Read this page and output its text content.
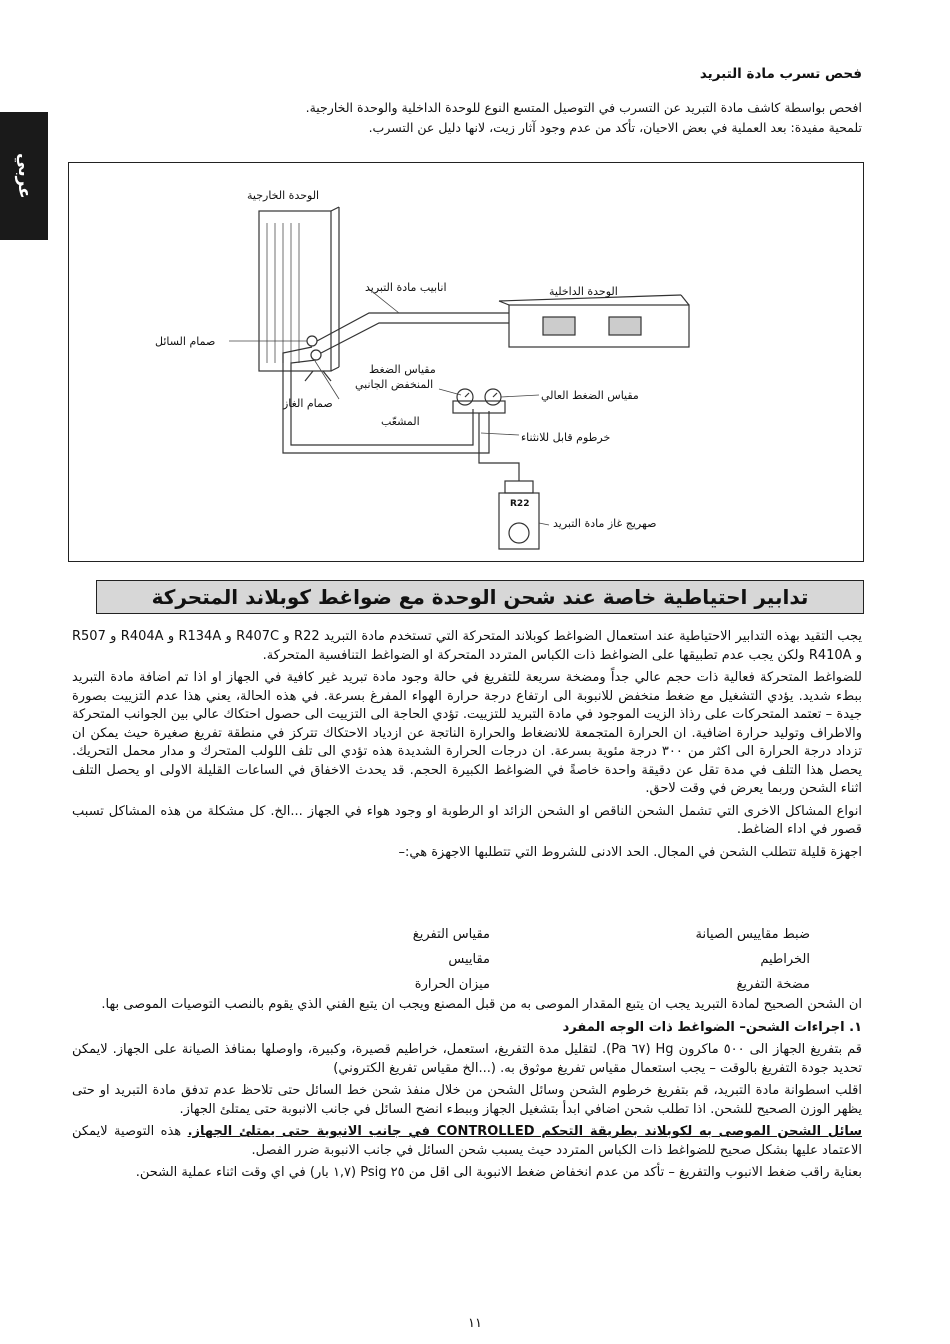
عربي
فحص تسرب مادة التبريد
افحص بواسطة كاشف مادة التبريد عن التسرب في التوصيل المتسع النوع للوحدة الداخلية والوحدة الخارجية.
تلمحية مفيدة: بعد العملية في بعض الاحيان، تأكد من عدم وجود آثار زيت، لانها دليل عن التسرب.
الوحدة الخارجية
انابيب مادة التبريد	الوحدة الداخلية
صمام السائل
مقياس الضغط
المنخفض الجانبي
صمام الغاز
مقياس الضغط العالي
المشعّب
خرطوم قابل للانثناء
R22
صهريج غاز مادة التبريد
تدابير احتياطية خاصة عند شحن الوحدة مع ضواغط كوبلاند المتحركة

يجب التقيد بهذه التدابير الاحتياطية عند استعمال الضواغط كوبلاند المتحركة التي تستخدم مادة التبريد R22 و R407C و R134A و R404A و R507 و R410A ولكن يجب عدم تطبيقها على الضواغط ذات الكباس المتردد المتحركة او الضواغط التنافسية المتحركة.

للضواغط المتحركة فعالية ذات حجم عالي جداً ومضخة سريعة للتفريغ في حالة وجود مادة تبريد غير كافية في الجهاز او اذا تم اضافة مادة التبريد ببطء شديد. يؤدي التشغيل مع ضغط منخفض للانبوبة الى ارتفاع درجة حرارة الهواء المفرغ بسرعة. في هذه الحالة، يعني هذا عدم التزييت بصورة جيدة – تعتمد المتحركات على رذاذ الزيت الموجود في مادة التبريد للتزييت. تؤدي الحاجة الى التزييت الى حصول احتكاك عالي بين الجوانب المتحركة والاطراف وتوليد حرارة اضافية. ان الحرارة المتجمعة للانضغاط والحرارة الناتجة عن ازدياد الاحتكاك تتركز في منطقة تفريغ صغيرة حيث يمكن ان تزداد درجة الحرارة الى اكثر من ٣٠٠ درجة مئوية بسرعة. ان درجات الحرارة الشديدة هذه تؤدي الى تلف اللولب المتحرك و مدار محمل التحريك. يحصل هذا التلف في مدة تقل عن دقيقة واحدة خاصةً في الضواغط الكبيرة الحجم. قد يحدث الاخفاق في الساعات القليلة الاولى او يحصل التلف اثناء الشحن وربما يعرض في وقت لاحق.

انواع المشاكل الاخرى التي تشمل الشحن الناقص او الشحن الزائد او الرطوبة او وجود هواء في الجهاز ...الخ. كل مشكلة من هذه المشاكل تسبب قصور في اداء الضاغط.

اجهزة قليلة تتطلب الشحن في المجال. الحد الادنى للشروط التي تتطلبها الاجهزة هي:–

ضبط مقاييس الصيانة
مقياس التفريغ
الخراطيم
مقاييس
مضخة التفريغ
ميزان الحرارة

ان الشحن الصحيح لمادة التبريد يجب ان يتبع المقدار الموصى به من قبل المصنع ويجب ان يتبع الفني الذي يقوم بالنصب التوصيات الموصى بها.

١. اجراءات الشحن– الضواغط ذات الوجه المفرد

قم بتفريغ الجهاز الى ٥٠٠ ماكرون Hg (٦٧ Pa). لتقليل مدة التفريغ، استعمل، خراطيم قصيرة، وكبيرة، واوصلها بمنافذ الصيانة على الجهاز. لايمكن تحديد جودة التفريغ بالوقت – يجب استعمال مقياس تفريغ موثوق به. (...الخ مقياس تفريغ الكتروني)

اقلب اسطوانة مادة التبريد، قم بتفريغ خرطوم الشحن وسائل الشحن من خلال منفذ شحن خط السائل حتى تلاحظ عدم تدفق مادة التبريد او حتى يظهر الوزن الصحيح للشحن. اذا تطلب شحن اضافي ابدأ بتشغيل الجهاز وببطء انضح السائل في جانب الانبوبة حتى يمتلئ الجهاز.

سائل الشحن الموصى به لكوبلاند بطريقة التحكم CONTROLLED في جانب الانبوبة حتى يمتلئ الجهاز. هذه التوصية لايمكن الاعتماد عليها بشكل صحيح للضواغط ذات الكباس المتردد حيث يسبب شحن السائل في جانب الانبوبة ضرر الفصل.

بعناية راقب ضغط الانبوب والتفريغ – تأكد من عدم انخفاض ضغط الانبوبة الى اقل من ٢٥ Psig (١,٧ بار) في اي وقت اثناء عملية الشحن.

١١
